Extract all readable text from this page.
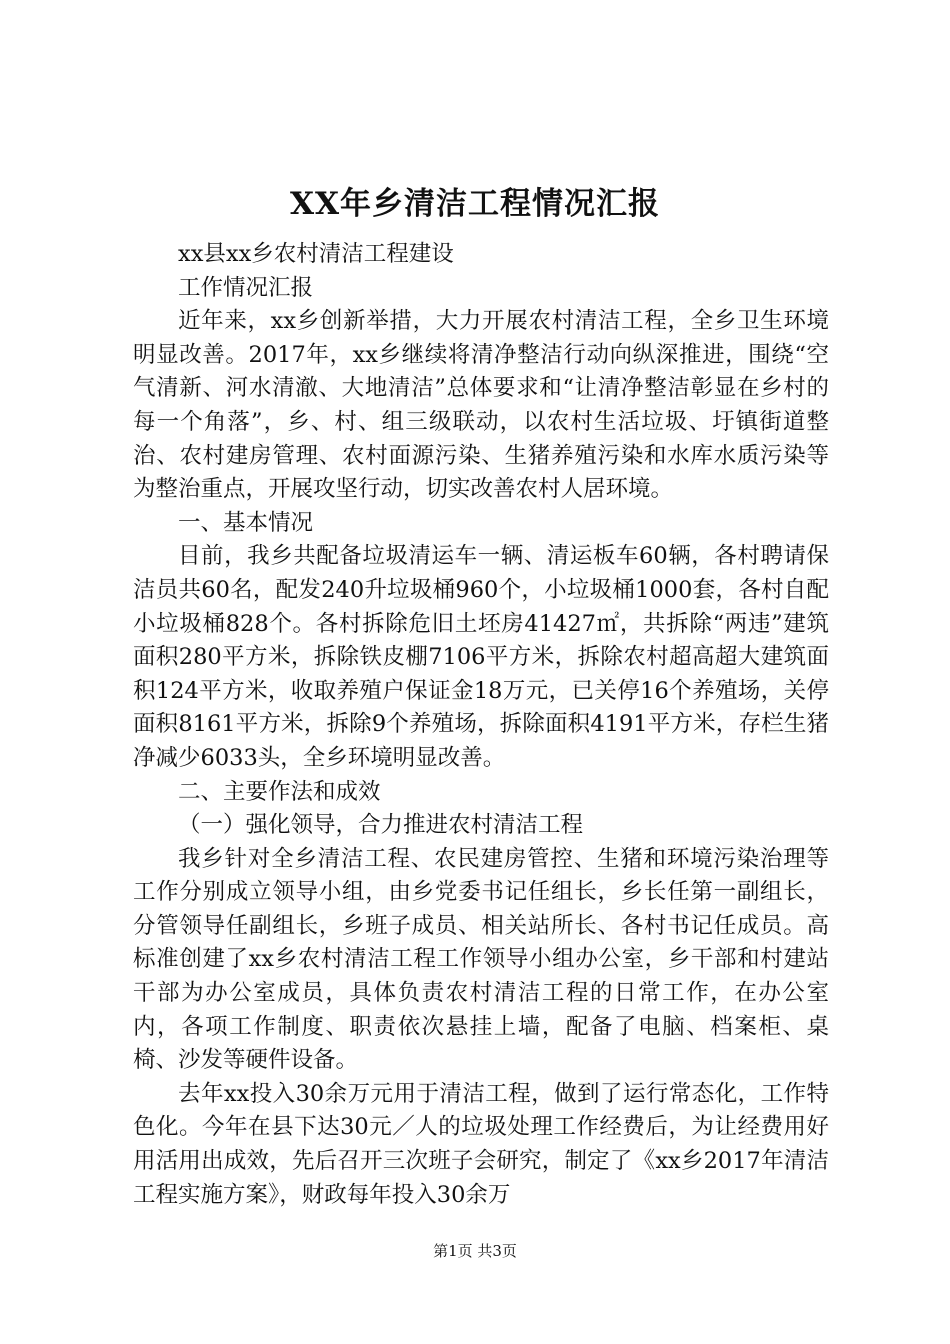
XX年乡清洁工程情况汇报

xx县xx乡农村清洁工程建设

工作情况汇报

近年来，xx乡创新举措，大力开展农村清洁工程，全乡卫生环境明显改善。2017年，xx乡继续将清净整洁行动向纵深推进，围绕“空气清新、河水清澈、大地清洁”总体要求和“让清净整洁彰显在乡村的每一个角落”，乡、村、组三级联动，以农村生活垃圾、圩镇街道整治、农村建房管理、农村面源污染、生猪养殖污染和水库水质污染等为整治重点，开展攻坚行动，切实改善农村人居环境。

一、基本情况

目前，我乡共配备垃圾清运车一辆、清运板车60辆，各村聘请保洁员共60名，配发240升垃圾桶960个，小垃圾桶1000套，各村自配小垃圾桶828个。各村拆除危旧土坯房41427㎡，共拆除“两违”建筑面积280平方米，拆除铁皮棚7106平方米，拆除农村超高超大建筑面积124平方米，收取养殖户保证金18万元，已关停16个养殖场，关停面积8161平方米，拆除9个养殖场，拆除面积4191平方米，存栏生猪净减少6033头，全乡环境明显改善。

二、主要作法和成效

（一）强化领导，合力推进农村清洁工程

我乡针对全乡清洁工程、农民建房管控、生猪和环境污染治理等工作分别成立领导小组，由乡党委书记任组长，乡长任第一副组长，分管领导任副组长，乡班子成员、相关站所长、各村书记任成员。高标准创建了xx乡农村清洁工程工作领导小组办公室，乡干部和村建站干部为办公室成员，具体负责农村清洁工程的日常工作，在办公室内，各项工作制度、职责依次悬挂上墙，配备了电脑、档案柜、桌椅、沙发等硬件设备。

去年xx投入30余万元用于清洁工程，做到了运行常态化，工作特色化。今年在县下达30元／人的垃圾处理工作经费后，为让经费用好用活用出成效，先后召开三次班子会研究，制定了《xx乡2017年清洁工程实施方案》，财政每年投入30余万

第1页 共3页
